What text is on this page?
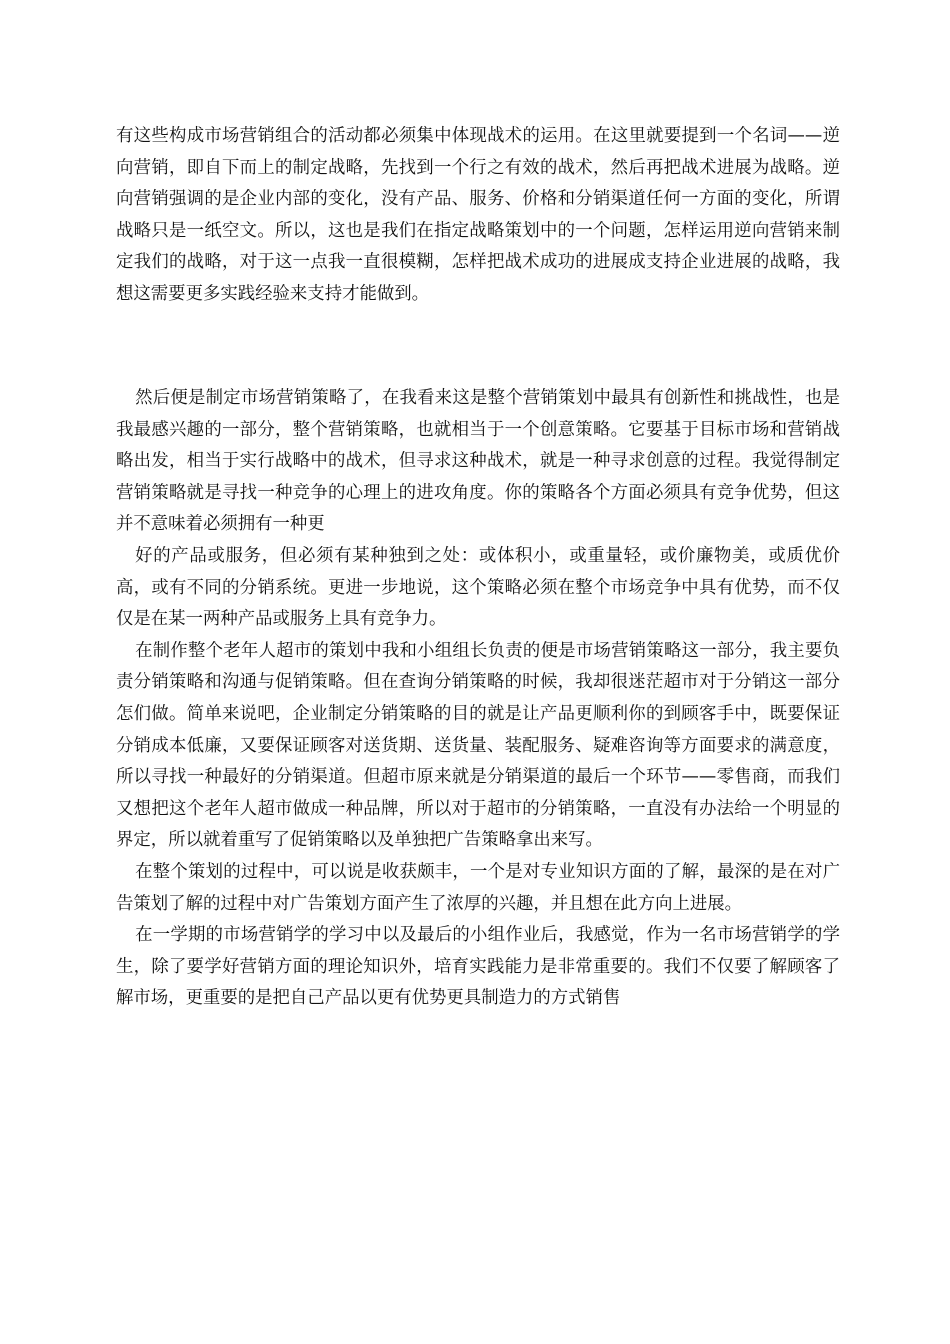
有这些构成市场营销组合的活动都必须集中体现战术的运用。在这里就要提到一个名词——逆向营销，即自下而上的制定战略，先找到一个行之有效的战术，然后再把战术进展为战略。逆向营销强调的是企业内部的变化，没有产品、服务、价格和分销渠道任何一方面的变化，所谓战略只是一纸空文。所以，这也是我们在指定战略策划中的一个问题，怎样运用逆向营销来制定我们的战略，对于这一点我一直很模糊，怎样把战术成功的进展成支持企业进展的战略，我想这需要更多实践经验来支持才能做到。

然后便是制定市场营销策略了，在我看来这是整个营销策划中最具有创新性和挑战性，也是我最感兴趣的一部分，整个营销策略，也就相当于一个创意策略。它要基于目标市场和营销战略出发，相当于实行战略中的战术，但寻求这种战术，就是一种寻求创意的过程。我觉得制定营销策略就是寻找一种竞争的心理上的进攻角度。你的策略各个方面必须具有竞争优势，但这并不意味着必须拥有一种更

好的产品或服务，但必须有某种独到之处：或体积小，或重量轻，或价廉物美，或质优价高，或有不同的分销系统。更进一步地说，这个策略必须在整个市场竞争中具有优势，而不仅仅是在某一两种产品或服务上具有竞争力。

在制作整个老年人超市的策划中我和小组组长负责的便是市场营销策略这一部分，我主要负责分销策略和沟通与促销策略。但在查询分销策略的时候，我却很迷茫超市对于分销这一部分怎们做。简单来说吧，企业制定分销策略的目的就是让产品更顺利你的到顾客手中，既要保证分销成本低廉，又要保证顾客对送货期、送货量、装配服务、疑难咨询等方面要求的满意度，所以寻找一种最好的分销渠道。但超市原来就是分销渠道的最后一个环节——零售商，而我们又想把这个老年人超市做成一种品牌，所以对于超市的分销策略，一直没有办法给一个明显的界定，所以就着重写了促销策略以及单独把广告策略拿出来写。

在整个策划的过程中，可以说是收获颇丰，一个是对专业知识方面的了解，最深的是在对广告策划了解的过程中对广告策划方面产生了浓厚的兴趣，并且想在此方向上进展。

在一学期的市场营销学的学习中以及最后的小组作业后，我感觉，作为一名市场营销学的学生，除了要学好营销方面的理论知识外，培育实践能力是非常重要的。我们不仅要了解顾客了解市场，更重要的是把自己产品以更有优势更具制造力的方式销售
